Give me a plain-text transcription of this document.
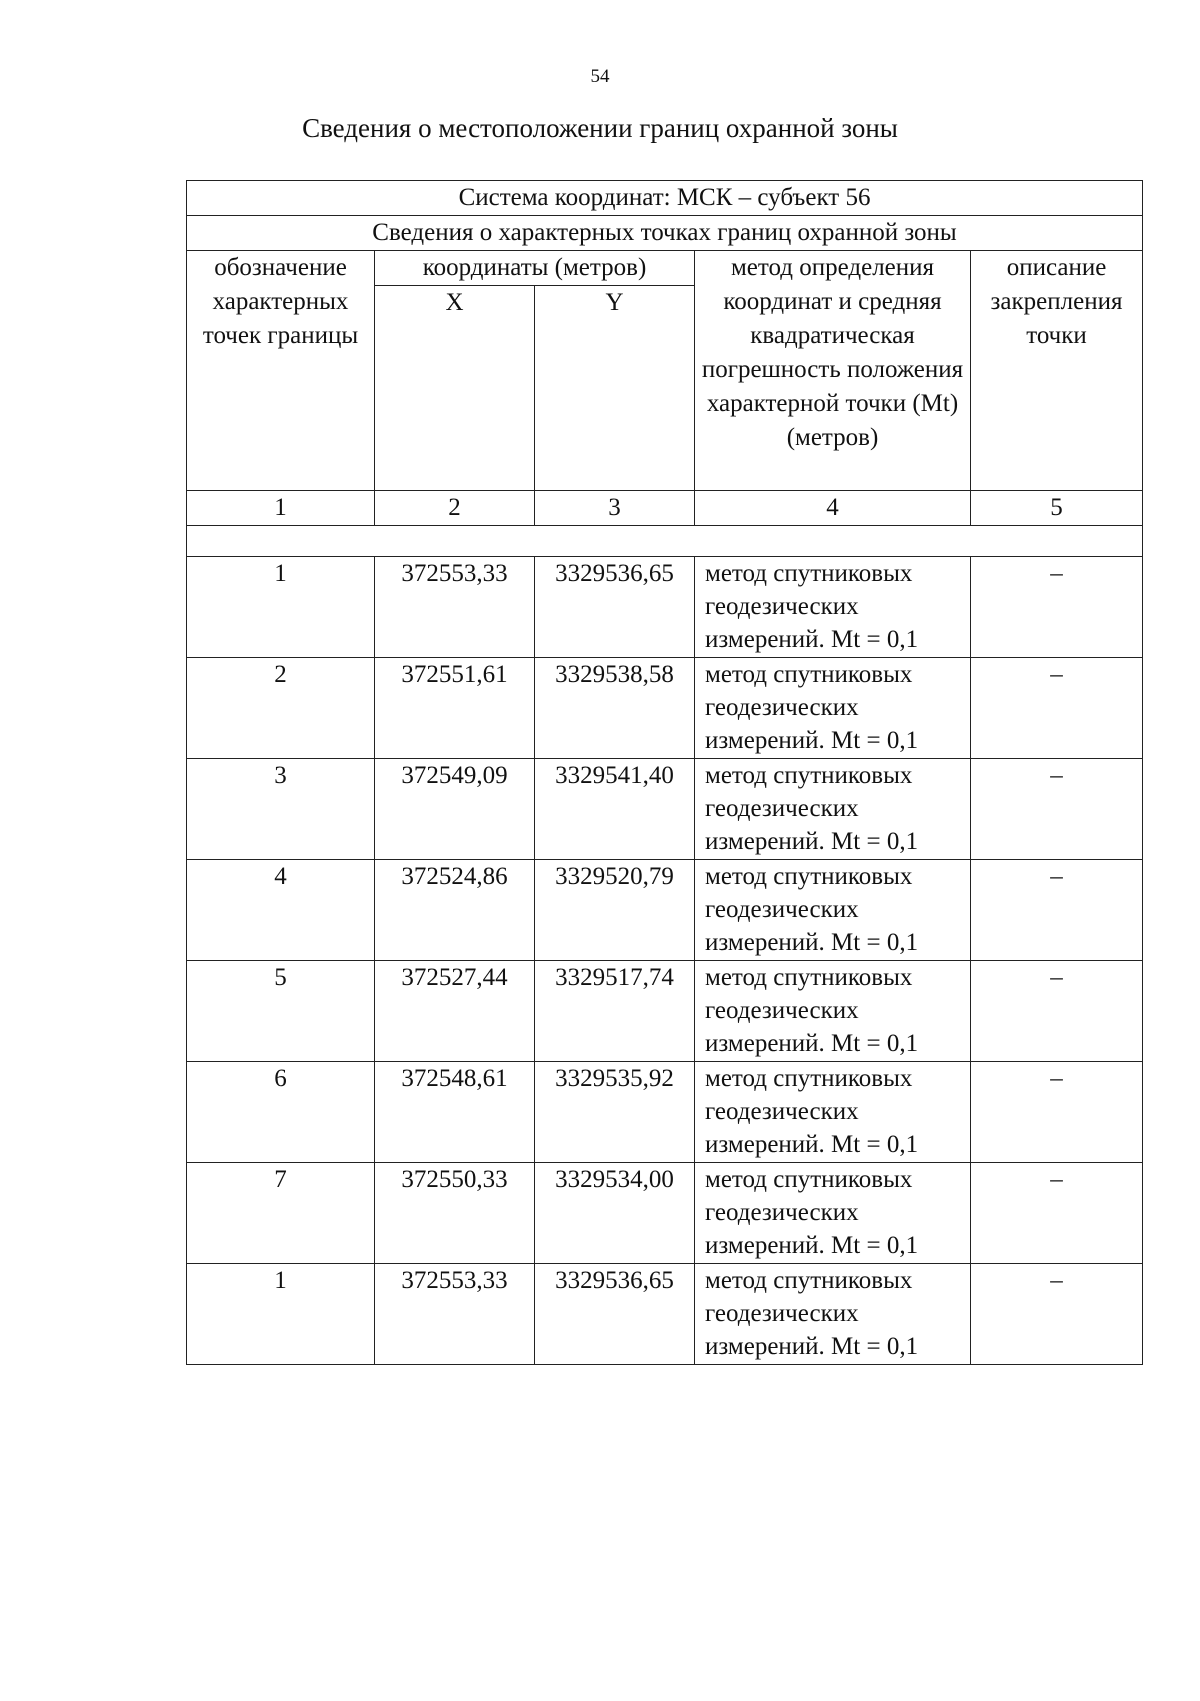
54
Сведения о местоположении границ охранной зоны
Система координат: МСК – субъект 56				
Сведения о характерных точках границ охранной зоны				
обозначение характерных точек границы	координаты (метров)		метод определения координат и средняя квадратическая погрешность положения характерной точки (Mt) (метров)	описание закрепления точки
	X	Y		
1	2	3	4	5

1	372553,33	3329536,65	метод спутниковых геодезических измерений. Mt = 0,1	–
2	372551,61	3329538,58	метод спутниковых геодезических измерений. Mt = 0,1	–
3	372549,09	3329541,40	метод спутниковых геодезических измерений. Mt = 0,1	–
4	372524,86	3329520,79	метод спутниковых геодезических измерений. Mt = 0,1	–
5	372527,44	3329517,74	метод спутниковых геодезических измерений. Mt = 0,1	–
6	372548,61	3329535,92	метод спутниковых геодезических измерений. Mt = 0,1	–
7	372550,33	3329534,00	метод спутниковых геодезических измерений. Mt = 0,1	–
1	372553,33	3329536,65	метод спутниковых геодезических измерений. Mt = 0,1	–
